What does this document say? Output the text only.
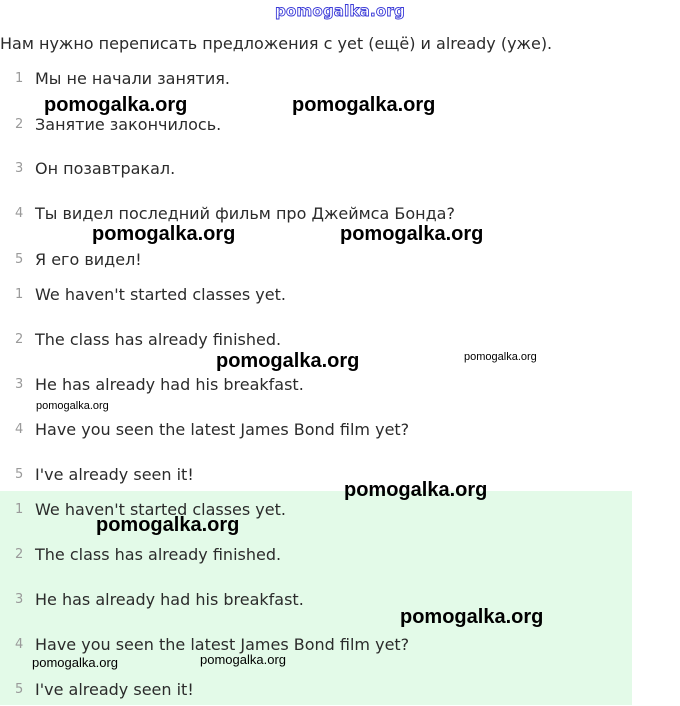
pomogalka.org
Нам нужно переписать предложения с yet (ещё) и already (уже).
1 Мы не начали занятия.
2 Занятие закончилось.
3 Он позавтракал.
4 Ты видел последний фильм про Джеймса Бонда?
5 Я его видел!
1 We haven't started classes yet.
2 The class has already finished.
3 He has already had his breakfast.
4 Have you seen the latest James Bond film yet?
5 I've already seen it!
1 We haven't started classes yet.
2 The class has already finished.
3 He has already had his breakfast.
4 Have you seen the latest James Bond film yet?
5 I've already seen it!
pomogalka.org	pomogalka.org
pomogalka.org	pomogalka.org
pomogalka.org	pomogalka.org
pomogalka.org
pomogalka.org
pomogalka.org
pomogalka.org
pomogalka.org	pomogalka.org
